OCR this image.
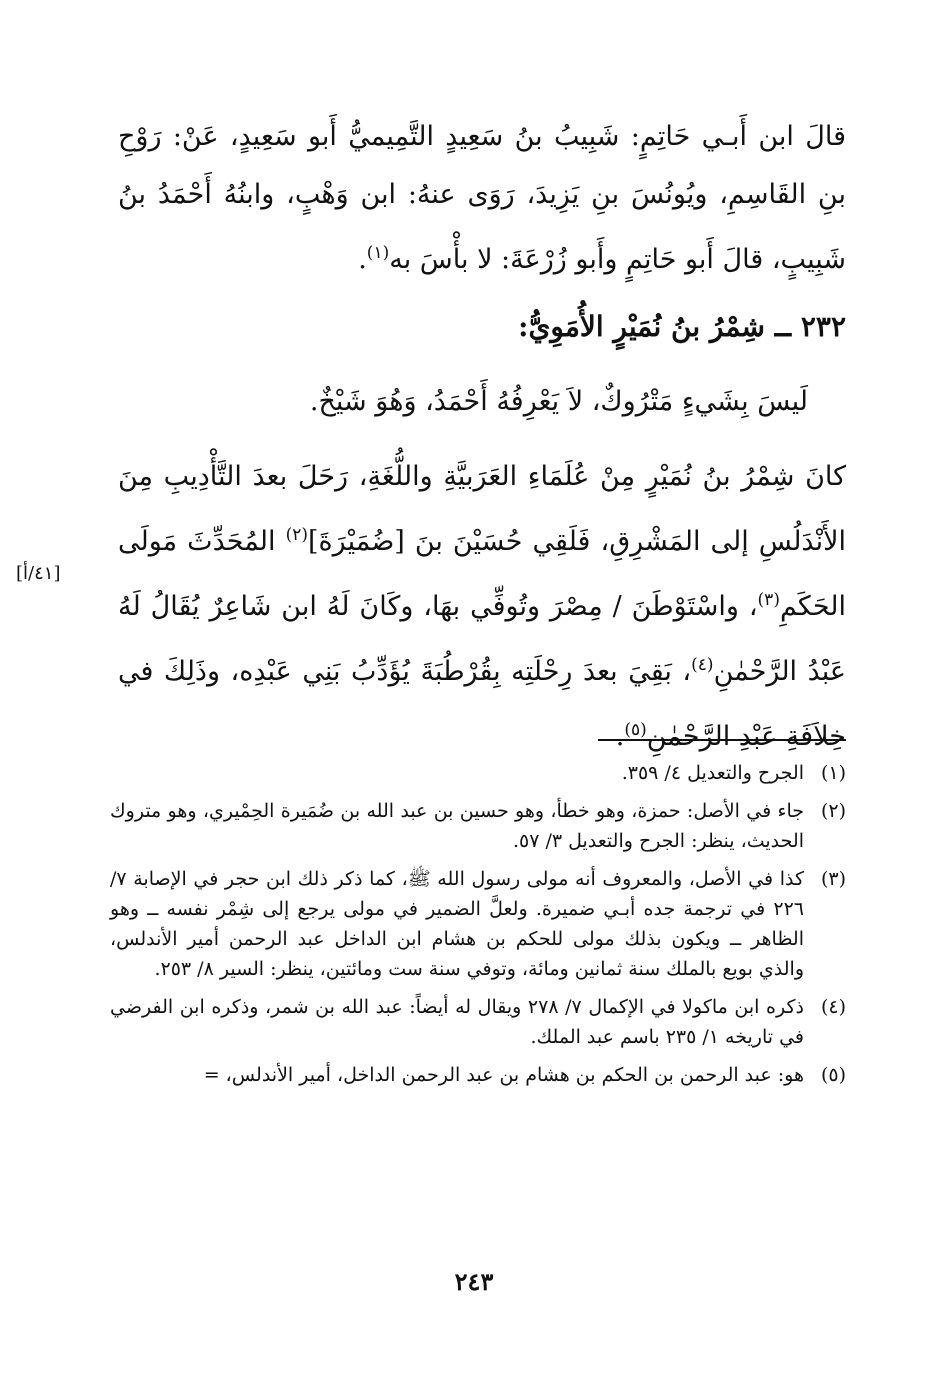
قالَ ابن أَبـي حَاتِمٍ: شَبِيبُ بنُ سَعِيدٍ التَّمِيميُّ أَبو سَعِيدٍ، عَنْ: رَوْحِ بنِ القَاسِمِ، ويُونُسَ بنِ يَزِيدَ، رَوَى عنهُ: ابن وَهْبٍ، وابنُهُ أَحْمَدُ بنُ شَبِيبٍ، قالَ أَبو حَاتِمٍ وأَبو زُرْعَةَ: لا بأْسَ به$^{(١)}$.

٢٣٢ ــ شِمْرُ بنُ نُمَيْرٍ الأُمَوِيُّ:

لَيسَ بِشَيءٍ مَتْرُوكٌ، لاَ يَعْرِفُهُ أَحْمَدُ، وَهُوَ شَيْخٌ.

كانَ شِمْرُ بنُ نُمَيْرٍ مِنْ عُلَمَاءِ العَرَبيَّةِ واللُّغَةِ، رَحَلَ بعدَ التَّأْدِيبِ مِنَ الأَنْدَلُسِ إلى المَشْرِقِ، فَلَقِي حُسَيْنَ بنَ [ضُمَيْرَةَ]$^{(٢)}$ المُحَدِّثَ مَولَى الحَكَمِ$^{(٣)}$، واسْتَوْطَنَ / مِصْرَ وتُوفِّي بهَا، وكَانَ لَهُ ابن شَاعِرٌ يُقَالُ لَهُ عَبْدُ الرَّحْمٰنِ$^{(٤)}$، بَقِيَ بعدَ رِحْلَتِه بِقُرْطُبَةَ يُؤَدِّبُ بَنِي عَبْدِه، وذَلِكَ في خِلاَفَةِ عَبْدِ الرَّحْمٰنِ$^{(٥)}$.

[٤١/أ]
(١)
الجرح والتعديل ٤/ ٣٥٩.
(٢)
جاء في الأصل: حمزة، وهو خطأ، وهو حسين بن عبد الله بن ضُمَيرة الحِمْيري، وهو متروك الحديث، ينظر: الجرح والتعديل ٣/ ٥٧.
(٣)
كذا في الأصل، والمعروف أنه مولى رسول الله ﷺ، كما ذكر ذلك ابن حجر في الإصابة ٧/ ٢٢٦ في ترجمة جده أبـي ضميرة. ولعلَّ الضمير في مولى يرجع إلى شِمْر نفسه ــ وهو الظاهر ــ ويكون بذلك مولى للحكم بن هشام ابن الداخل عبد الرحمن أمير الأندلس، والذي بويع بالملك سنة ثمانين ومائة، وتوفي سنة ست ومائتين، ينظر: السير ٨/ ٢٥٣.
(٤)
ذكره ابن ماكولا في الإكمال ٧/ ٢٧٨ ويقال له أيضاً: عبد الله بن شمر، وذكره ابن الفرضي في تاريخه ١/ ٢٣٥ باسم عبد الملك.
(٥)
هو: عبد الرحمن بن الحكم بن هشام بن عبد الرحمن الداخل، أمير الأندلس، =
٢٤٣
